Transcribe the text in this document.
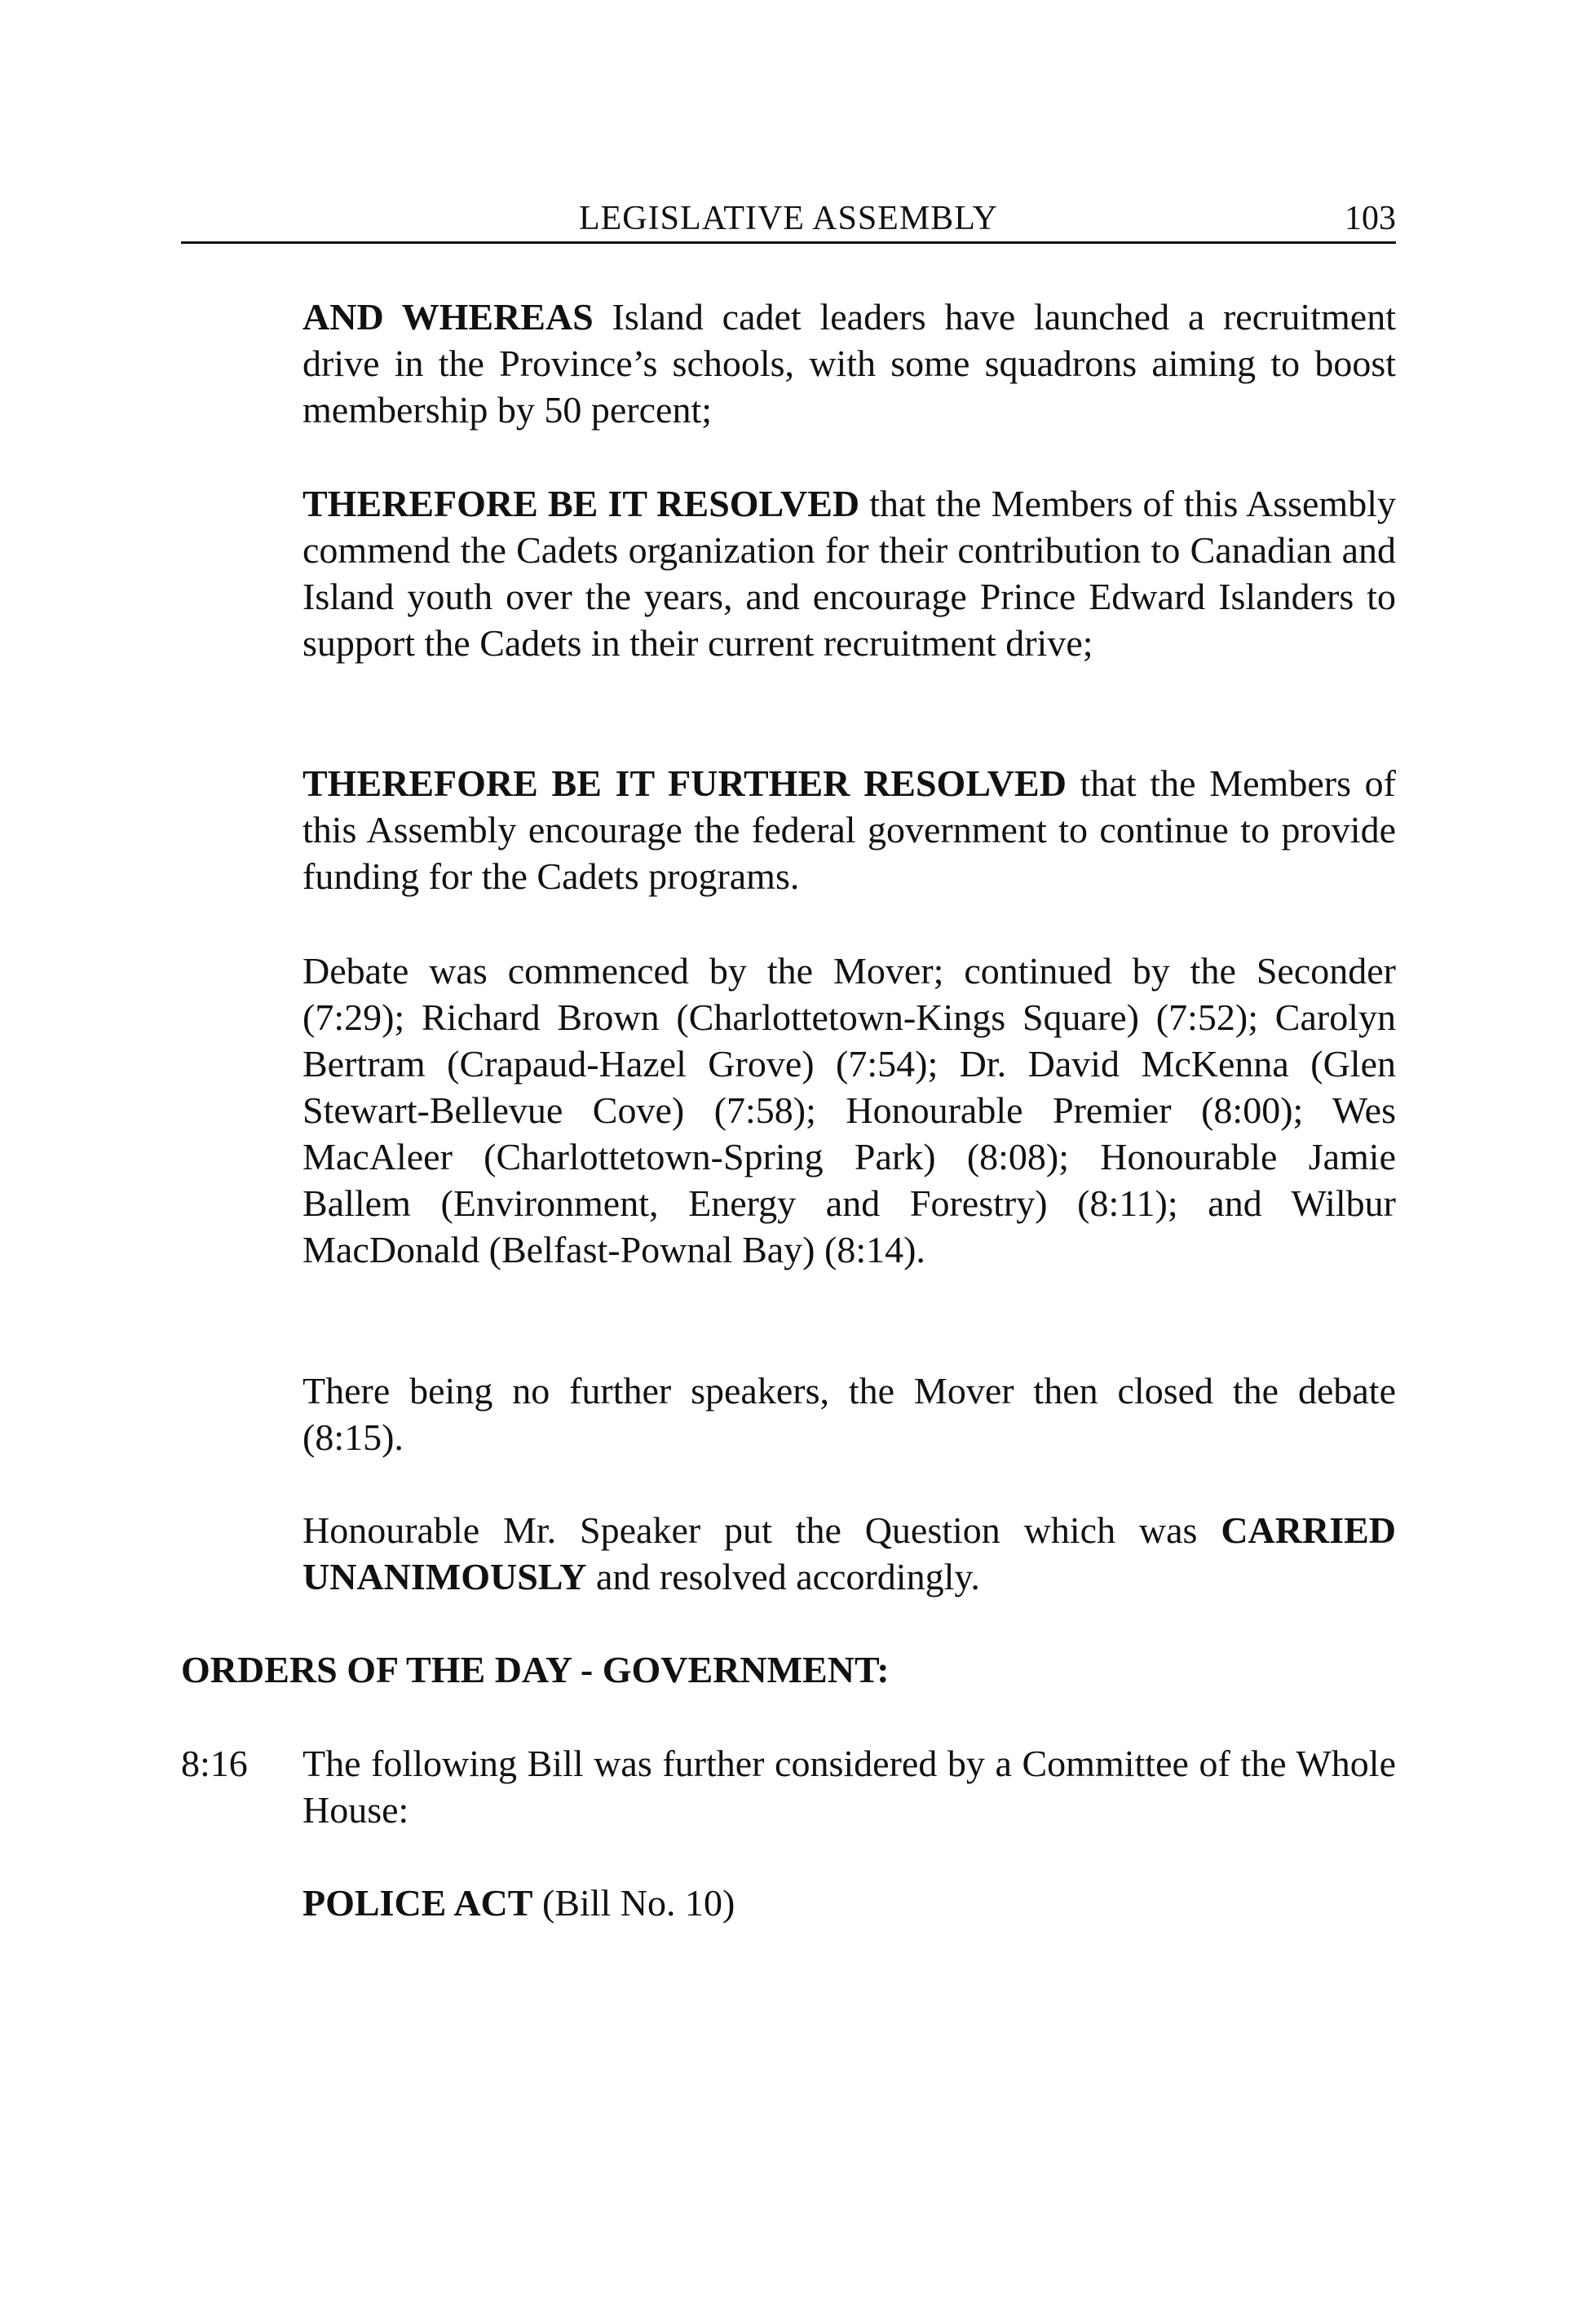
LEGISLATIVE ASSEMBLY	103

AND WHEREAS Island cadet leaders have launched a recruitment drive in the Province’s schools, with some squadrons aiming to boost membership by 50 percent;

THEREFORE BE IT RESOLVED that the Members of this Assembly commend the Cadets organization for their contribution to Canadian and Island youth over the years, and encourage Prince Edward Islanders to support the Cadets in their current recruitment drive;

THEREFORE BE IT FURTHER RESOLVED that the Members of this Assembly encourage the federal government to continue to provide funding for the Cadets programs.

Debate was commenced by the Mover; continued by the Seconder (7:29); Richard Brown (Charlottetown-Kings Square) (7:52); Carolyn Bertram (Crapaud-Hazel Grove) (7:54); Dr. David McKenna (Glen Stewart-Bellevue Cove) (7:58); Honourable Premier (8:00); Wes MacAleer (Charlottetown-Spring Park) (8:08); Honourable Jamie Ballem (Environment, Energy and Forestry) (8:11); and Wilbur MacDonald (Belfast-Pownal Bay) (8:14).

There being no further speakers, the Mover then closed the debate (8:15).

Honourable Mr. Speaker put the Question which was CARRIED UNANIMOUSLY and resolved accordingly.

ORDERS OF THE DAY - GOVERNMENT:
8:16 The following Bill was further considered by a Committee of the Whole House:

POLICE ACT (Bill No. 10)
